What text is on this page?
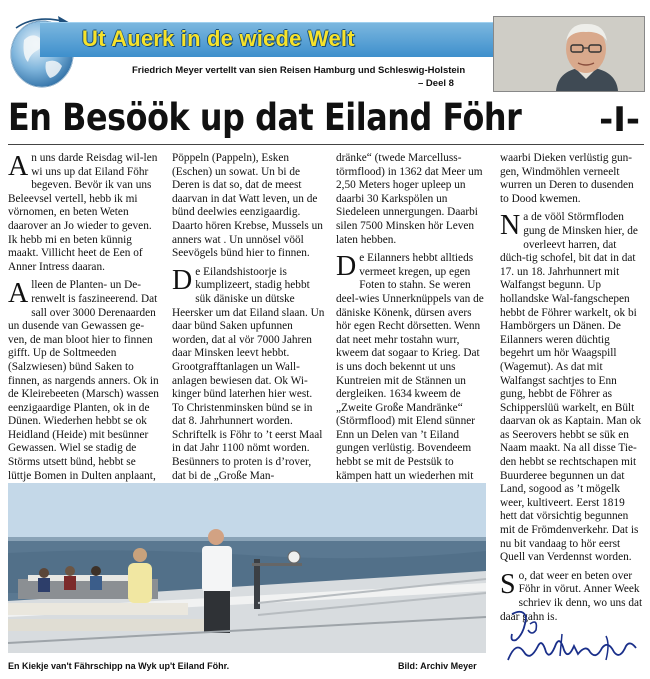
Ut Auerk in de wiede Welt
Friedrich Meyer vertellt van sien Reisen Hamburg und Schleswig-Holstein
– Deel 8
En Besöök up dat Eiland Föhr -I-

An uns darde Reisdag wil-len wi uns up dat Eiland Föhr begeven. Bevör ik van uns Beleevsel vertell, hebb ik mi vörnomen, en beten Weten daarover an Jo wieder to geven. Ik hebb mi en beten künnig maakt. Villicht heet de Een of Anner Intress daaran.

Alleen de Planten- un De-renwelt is faszineerend. Dat sall over 3000 Derenaarden un dusende van Gewassen ge-ven, de man bloot hier to finnen gifft. Up de Soltmeeden (Salzwiesen) bünd Saken to finnen, as nargends anners. Ok in de Kleirebeeten (Marsch) wassen eenzigaardige Planten, ok in de Dünen. Wiederhen hebbt se ok Heidland (Heide) mit besünner Gewassen. Wiel se stadig de Störms utsett bünd, hebbt se lüttje Bomen in Dulten anplaant,

Pöppeln (Pappeln), Esken (Eschen) un sowat. Un bi de Deren is dat so, dat de meest daarvan in dat Watt leven, un de bünd deelwies eenzigaardig. Daarto hören Krebse, Mussels un anners wat . Un unnösel vööl Seevögels bünd hier to finnen.

De Eilandshistoorje is kumplizeert, stadig hebbt sük däniske un dütske Heersker um dat Eiland slaan. Un daar bünd Saken upfunnen worden, dat al vör 7000 Jahren daar Minsken leevt hebbt. Grootgrafftanlagen un Wall-anlagen bewiesen dat. Ok Wi-kinger bünd laterhen hier west. To Christenminsken bünd se in dat 8. Jahrhunnert worden. Schriftelk is Föhr to ’t eerst Maal in dat Jahr 1100 nömt worden. Besünners to proten is d’rover, dat bi de „Große Man-

dränke“ (twede Marcelluss-törmflood) in 1362 dat Meer um 2,50 Meters hoger upleep un daarbi 30 Karkspölen un Siedeleen unnergungen. Daarbi silen 7500 Minsken hör Leven laten hebben.

De Eilanners hebbt alltieds vermeet kregen, up egen Foten to stahn. Se weren deel-wies Unnerknüppels van de däniske Könenk, dürsen avers hör egen Recht dörsetten. Wenn dat neet mehr tostahn wurr, kweem dat sogaar to Krieg. Dat is uns doch bekennt ut uns Kuntreien mit de Stännen un dergleiken. 1634 kweem de „Zweite Große Mandränke“ (Störmflood) mit Elend sünner Enn un Delen van ’t Eiland gungen verlüstig. Bovendeem hebbt se mit de Pestsük to kämpen hatt un wiederhen mit

waarbi Dieken verlüstig gun-gen, Windmöhlen verneelt wurren un Deren to dusenden to Dood kwemen.

Na de vööl Störmfloden gung de Minsken hier, de overleevt harren, dat düch-tig schofel, bit dat in dat 17. un 18. Jahrhunnert mit Walfangst begunn. Up hollandske Wal-fangschepen hebbt de Föhrer warkelt, ok bi Hambörgers un Dänen. De Eilanners weren düchtig begehrt um hör Waagspill (Wagemut). As dat mit Walfangst sachtjes to Enn gung, hebbt de Föhrer as Schipperslüü warkelt, en Bült daarvan ok as Kaptain. Man ok as Seerovers hebbt se sük en Naam maakt. Na all disse Tie-den hebbt se rechtschapen mit Buurderee begunnen un dat Land, sogood as ’t mögelk weer, kultiveert. Eerst 1819 hett dat vörsichtig begunnen mit de Frömdenverkehr. Dat is nu bit vandaag to hör eerst Quell van Verdennst worden.

So, dat weer en beten over Föhr in vörut. Anner Week schriev ik denn, wo uns dat daar gahn is.

En Kiekje van't Fährschipp na Wyk up't Eiland Föhr.	Bild: Archiv Meyer
